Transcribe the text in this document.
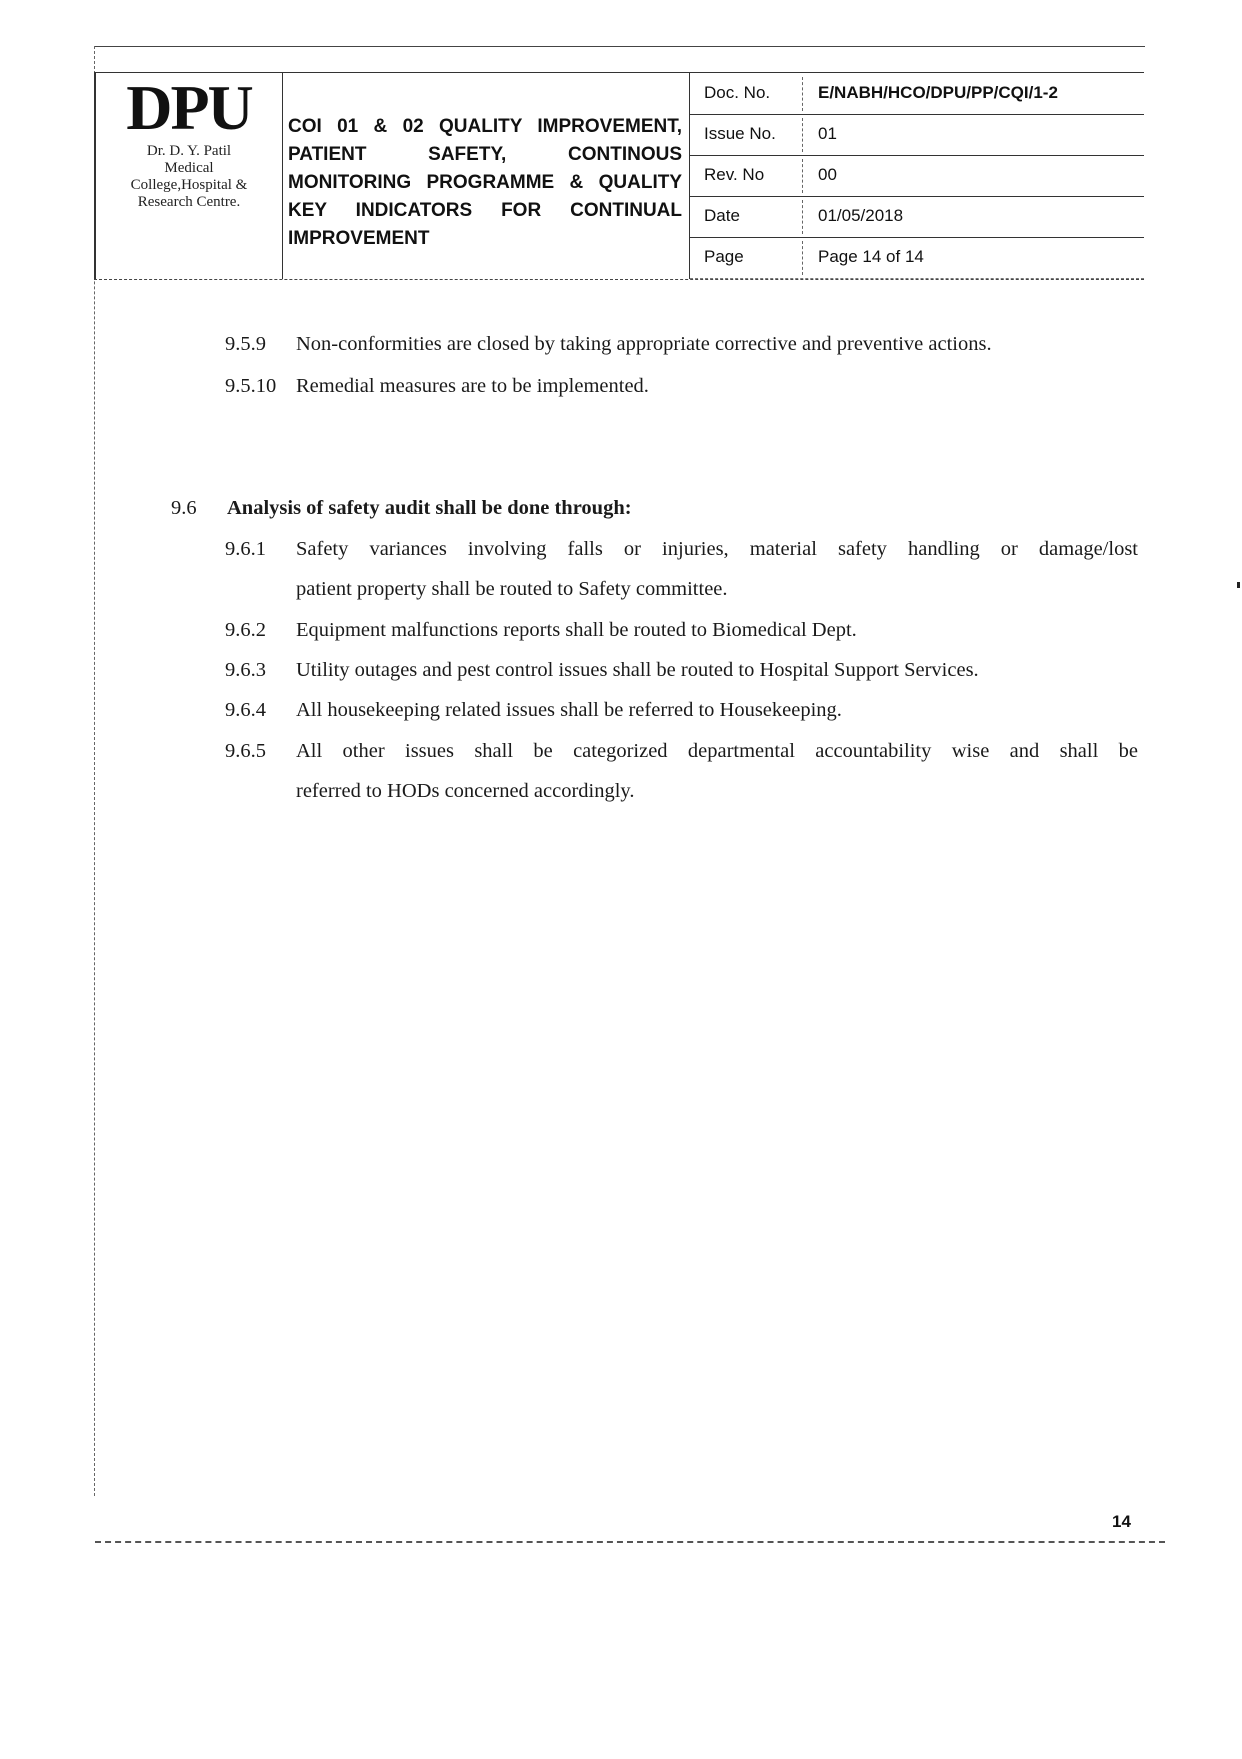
DPU
Dr. D. Y. Patil
Medical
College,Hospital &
Research Centre.
COI 01 & 02 QUALITY IMPROVEMENT, PATIENT SAFETY, CONTINOUS MONITORING PROGRAMME & QUALITY KEY INDICATORS FOR CONTINUAL IMPROVEMENT
Doc. No.	E/NABH/HCO/DPU/PP/CQI/1-2
Issue No. 01
Rev. No	00
Date	01/05/2018
Page	Page 14 of 14
9.5.9 Non-conformities are closed by taking appropriate corrective and preventive actions.
9.5.10 Remedial measures are to be implemented.
9.6 Analysis of safety audit shall be done through:
9.6.1 Safety variances involving falls or injuries, material safety handling or damage/lost
patient property shall be routed to Safety committee.
9.6.2 Equipment malfunctions reports shall be routed to Biomedical Dept.
9.6.3 Utility outages and pest control issues shall be routed to Hospital Support Services.
9.6.4 All housekeeping related issues shall be referred to Housekeeping.
9.6.5 All other issues shall be categorized departmental accountability wise and shall be
referred to HODs concerned accordingly.
14
